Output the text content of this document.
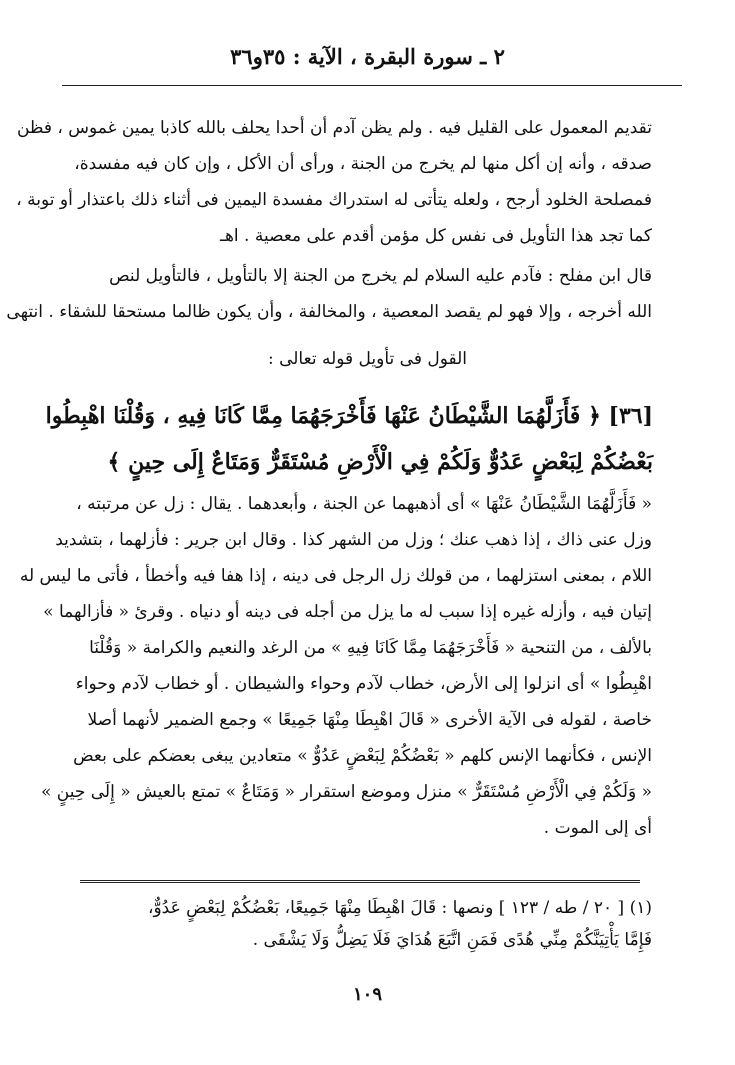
٢ ـ سورة البقرة ، الآية : ٣٥و٣٦

تقديم المعمول على القليل فيه . ولم يظن آدم أن أحدا يحلف بالله كاذبا يمين غموس ، فظن
صدقه ، وأنه إن أكل منها لم يخرج من الجنة ، ورأى أن الأكل ، وإن كان فيه مفسدة،
فمصلحة الخلود أرجح ، ولعله يتأتى له استدراك مفسدة اليمين فى أثناء ذلك باعتذار أو توبة ،
كما تجد هذا التأويل فى نفس كل مؤمن أقدم على معصية . اهـ

قال ابن مفلح : فآدم عليه السلام لم يخرج من الجنة إلا بالتأويل ، فالتأويل لنص
الله أخرجه ، وإلا فهو لم يقصد المعصية ، والمخالفة ، وأن يكون ظالما مستحقا للشقاء . انتهى

القول فى تأويل قوله تعالى :
[٣٦] ﴿ فَأَزَلَّهُمَا الشَّيْطَانُ عَنْهَا فَأَخْرَجَهُمَا مِمَّا كَانَا فِيهِ ، وَقُلْنَا اهْبِطُوا
بَعْضُكُمْ لِبَعْضٍ عَدُوٌّ وَلَكُمْ فِي الْأَرْضِ مُسْتَقَرٌّ وَمَتَاعٌ إِلَى حِينٍ ﴾

« فَأَزَلَّهُمَا الشَّيْطَانُ عَنْهَا » أى أذهبهما عن الجنة ، وأبعدهما . يقال : زل عن مرتبته ،
وزل عنى ذاك ، إذا ذهب عنك ؛ وزل من الشهر كذا . وقال ابن جرير : فأزلهما ، بتشديد
اللام ، بمعنى استزلهما ، من قولك زل الرجل فى دينه ، إذا هفا فيه وأخطأ ، فأتى ما ليس له
إتيان فيه ، وأزله غيره إذا سبب له ما يزل من أجله فى دينه أو دنياه . وقرئ « فأزالهما »
بالألف ، من التنحية « فَأَخْرَجَهُمَا مِمَّا كَانَا فِيهِ » من الرغد والنعيم والكرامة « وَقُلْنَا
اهْبِطُوا » أى انزلوا إلى الأرض، خطاب لآدم وحواء والشيطان . أو خطاب لآدم وحواء
خاصة ، لقوله فى الآية الأخرى « قَالَ اهْبِطَا مِنْهَا جَمِيعًا » وجمع الضمير لأنهما أصلا
الإنس ، فكأنهما الإنس كلهم « بَعْضُكُمْ لِبَعْضٍ عَدُوٌّ » متعادين يبغى بعضكم على بعض
« وَلَكُمْ فِي الْأَرْضِ مُسْتَقَرٌّ » منزل وموضع استقرار « وَمَتَاعٌ » تمتع بالعيش « إِلَى حِينٍ »
أى إلى الموت .

(١) [ ٢٠ / طه / ١٢٣ ] ونصها : قَالَ اهْبِطَا مِنْهَا جَمِيعًا، بَعْضُكُمْ لِبَعْضٍ عَدُوٌّ،
فَإِمَّا يَأْتِيَنَّكُمْ مِنِّي هُدًى فَمَنِ اتَّبَعَ هُدَايَ فَلَا يَضِلُّ وَلَا يَشْقَى .
١٠٩
